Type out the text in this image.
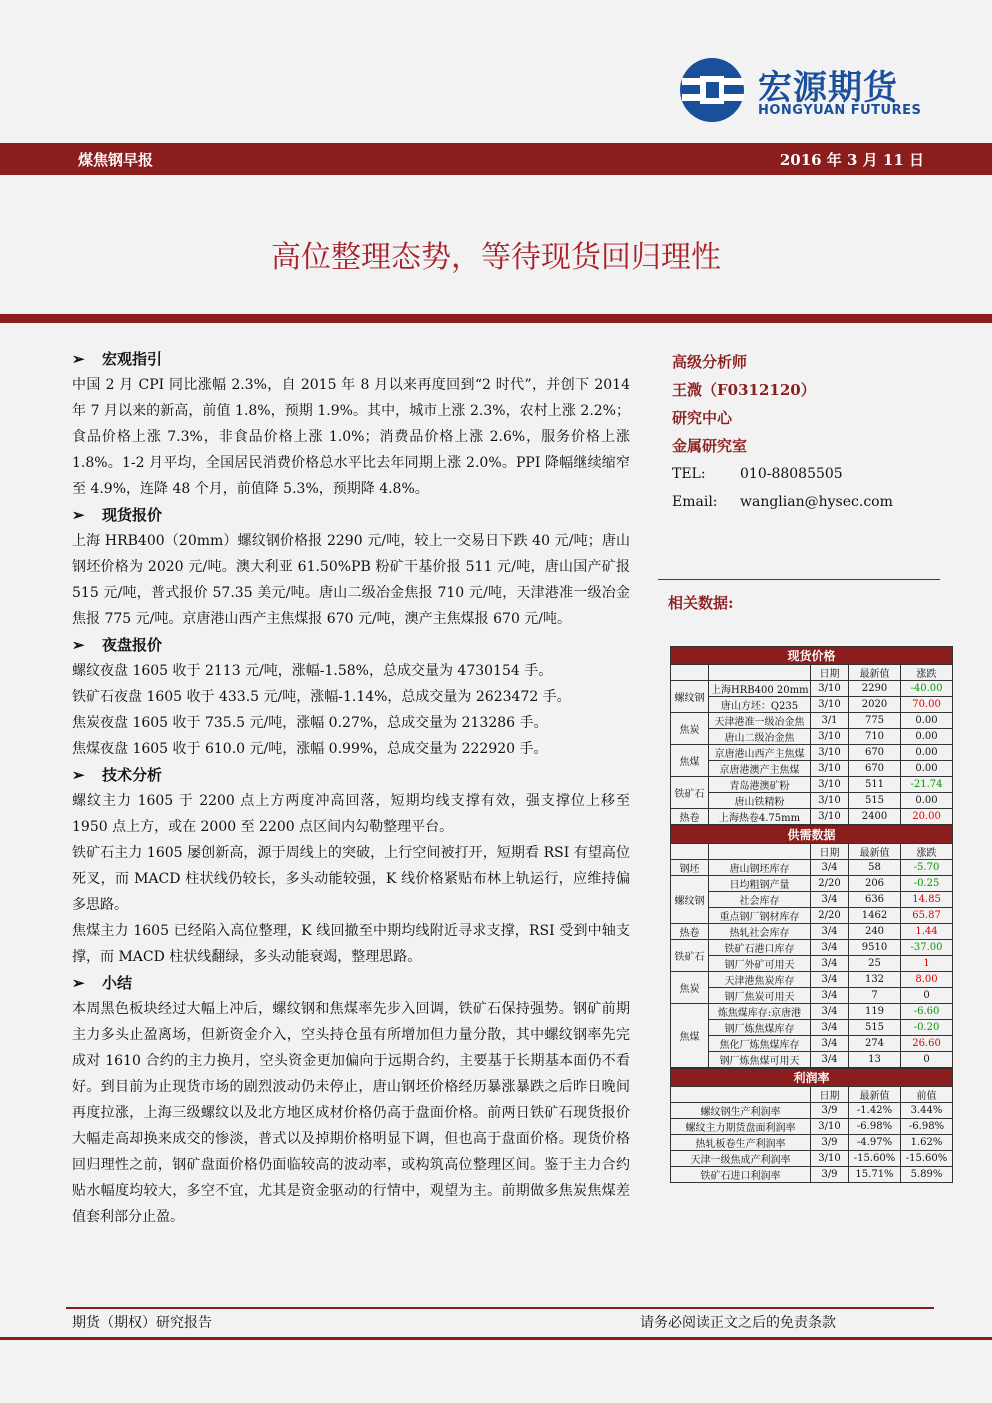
宏源期货
HONGYUAN FUTURES
煤焦钢早报	2016 年 3 月 11 日
高位整理态势，等待现货回归理性
➢ 宏观指引
中国 2 月 CPI 同比涨幅 2.3%，自 2015 年 8 月以来再度回到“2 时代”，并创下 2014 年 7 月以来的新高，前值 1.8%，预期 1.9%。其中，城市上涨 2.3%，农村上涨 2.2%；食品价格上涨 7.3%，非食品价格上涨 1.0%；消费品价格上涨 2.6%，服务价格上涨 1.8%。1-2 月平均，全国居民消费价格总水平比去年同期上涨 2.0%。PPI 降幅继续缩窄至 4.9%，连降 48 个月，前值降 5.3%，预期降 4.8%。
➢ 现货报价
上海 HRB400（20mm）螺纹钢价格报 2290 元/吨，较上一交易日下跌 40 元/吨；唐山钢坯价格为 2020 元/吨。澳大利亚 61.50%PB 粉矿干基价报 511 元/吨，唐山国产矿报 515 元/吨，普式报价 57.35 美元/吨。唐山二级冶金焦报 710 元/吨，天津港准一级冶金焦报 775 元/吨。京唐港山西产主焦煤报 670 元/吨，澳产主焦煤报 670 元/吨。
➢ 夜盘报价
螺纹夜盘 1605 收于 2113 元/吨，涨幅-1.58%，总成交量为 4730154 手。
铁矿石夜盘 1605 收于 433.5 元/吨，涨幅-1.14%，总成交量为 2623472 手。
焦炭夜盘 1605 收于 735.5 元/吨，涨幅 0.27%，总成交量为 213286 手。
焦煤夜盘 1605 收于 610.0 元/吨，涨幅 0.99%，总成交量为 222920 手。
➢ 技术分析
螺纹主力 1605 于 2200 点上方两度冲高回落，短期均线支撑有效，强支撑位上移至 1950 点上方，或在 2000 至 2200 点区间内勾勒整理平台。
铁矿石主力 1605 屡创新高，源于周线上的突破，上行空间被打开，短期看 RSI 有望高位死叉，而 MACD 柱状线仍较长，多头动能较强，K 线价格紧贴布林上轨运行，应维持偏多思路。
焦煤主力 1605 已经陷入高位整理，K 线回撤至中期均线附近寻求支撑，RSI 受到中轴支撑，而 MACD 柱状线翻绿，多头动能衰竭，整理思路。
➢ 小结
本周黑色板块经过大幅上冲后，螺纹钢和焦煤率先步入回调，铁矿石保持强势。钢矿前期主力多头止盈离场，但新资金介入，空头持仓虽有所增加但力量分散，其中螺纹钢率先完成对 1610 合约的主力换月，空头资金更加偏向于远期合约，主要基于长期基本面仍不看好。到目前为止现货市场的剧烈波动仍未停止，唐山钢坯价格经历暴涨暴跌之后昨日晚间再度拉涨，上海三级螺纹以及北方地区成材价格仍高于盘面价格。前两日铁矿石现货报价大幅走高却换来成交的惨淡，普式以及掉期价格明显下调，但也高于盘面价格。现货价格回归理性之前，钢矿盘面价格仍面临较高的波动率，或构筑高位整理区间。鉴于主力合约贴水幅度均较大，多空不宜，尤其是资金驱动的行情中，观望为主。前期做多焦炭焦煤差值套利部分止盈。
高级分析师
王溦（F0312120）
研究中心
金属研究室
TEL: 010-88085505
Email: wanglian@hysec.com
相关数据:
现货价格				
		日期	最新值	涨跌
螺纹钢	上海HRB400 20mm	3/10	2290	-40.00
	唐山方坯：Q235	3/10	2020	70.00
焦炭	天津港准一级冶金焦	3/1	775	0.00
	唐山二级冶金焦	3/10	710	0.00
焦煤	京唐港山西产主焦煤	3/10	670	0.00
	京唐港澳产主焦煤	3/10	670	0.00
铁矿石	青岛港澳矿粉	3/10	511	-21.74
	唐山铁精粉	3/10	515	0.00
热卷	上海热卷4.75mm	3/10	2400	20.00
供需数据				
		日期	最新值	涨跌
钢坯	唐山钢坯库存	3/4	58	-5.70
螺纹钢	日均粗钢产量	2/20	206	-0.25
	社会库存	3/4	636	14.85
	重点钢厂钢材库存	2/20	1462	65.87
热卷	热轧社会库存	3/4	240	1.44
铁矿石	铁矿石港口库存	3/4	9510	-37.00
	钢厂外矿可用天	3/4	25	1
焦炭	天津港焦炭库存	3/4	132	8.00
	钢厂焦炭可用天	3/4	7	0
焦煤	炼焦煤库存:京唐港	3/4	119	-6.60
	钢厂炼焦煤库存	3/4	515	-0.20
	焦化厂炼焦煤库存	3/4	274	26.60
	钢厂炼焦煤可用天	3/4	13	0
利润率			
	日期	最新值	前值
螺纹钢生产利润率	3/9	-1.42%	3.44%
螺纹主力期货盘面利润率	3/10	-6.98%	-6.98%
热轧板卷生产利润率	3/9	-4.97%	1.62%
天津一级焦成产利润率	3/10	-15.60%	-15.60%
铁矿石进口利润率	3/9	15.71%	5.89%
期货（期权）研究报告	请务必阅读正文之后的免责条款
